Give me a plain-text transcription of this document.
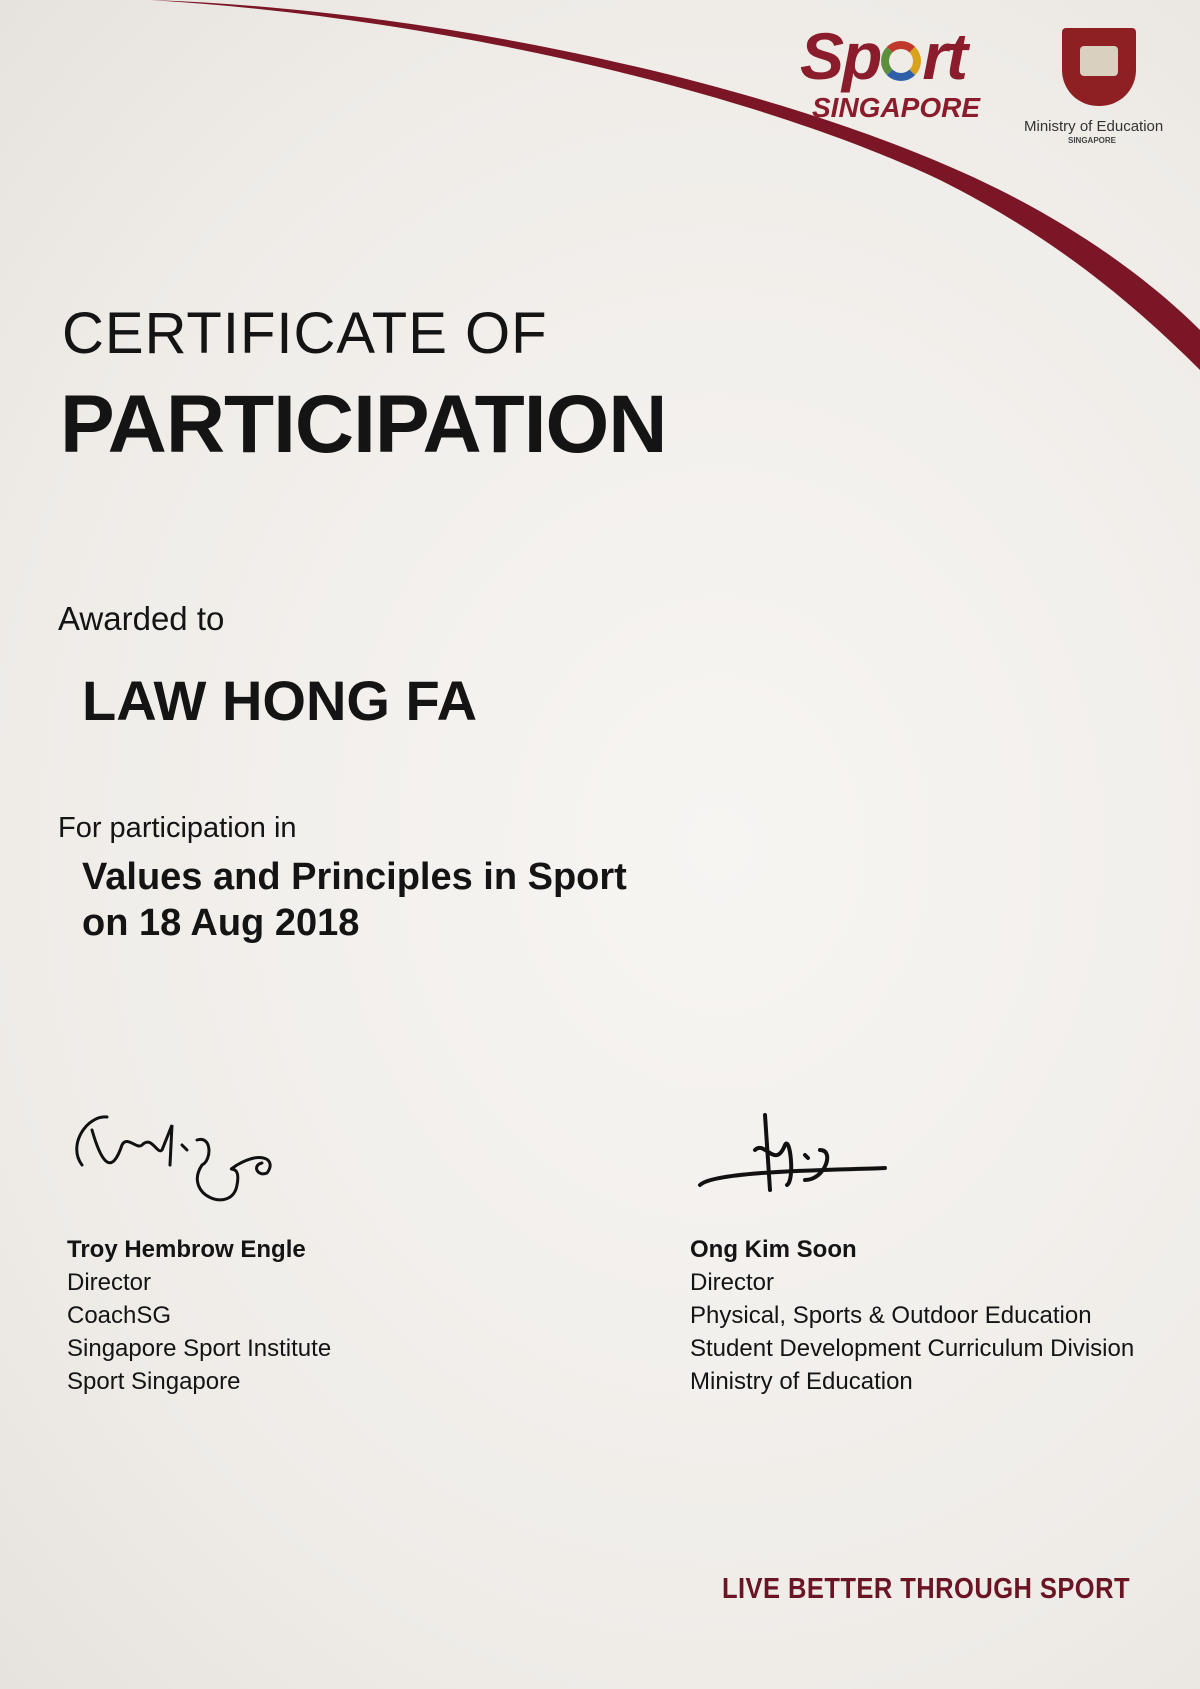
Sp rt
SINGAPORE
Ministry of Education
SINGAPORE
CERTIFICATE OF
PARTICIPATION
Awarded to
LAW HONG FA
For participation in
Values and Principles in Sport
on 18 Aug 2018
Troy Hembrow Engle
Director
CoachSG
Singapore Sport Institute
Sport Singapore
Ong Kim Soon
Director
Physical, Sports & Outdoor Education
Student Development Curriculum Division
Ministry of Education
LIVE BETTER THROUGH SPORT
